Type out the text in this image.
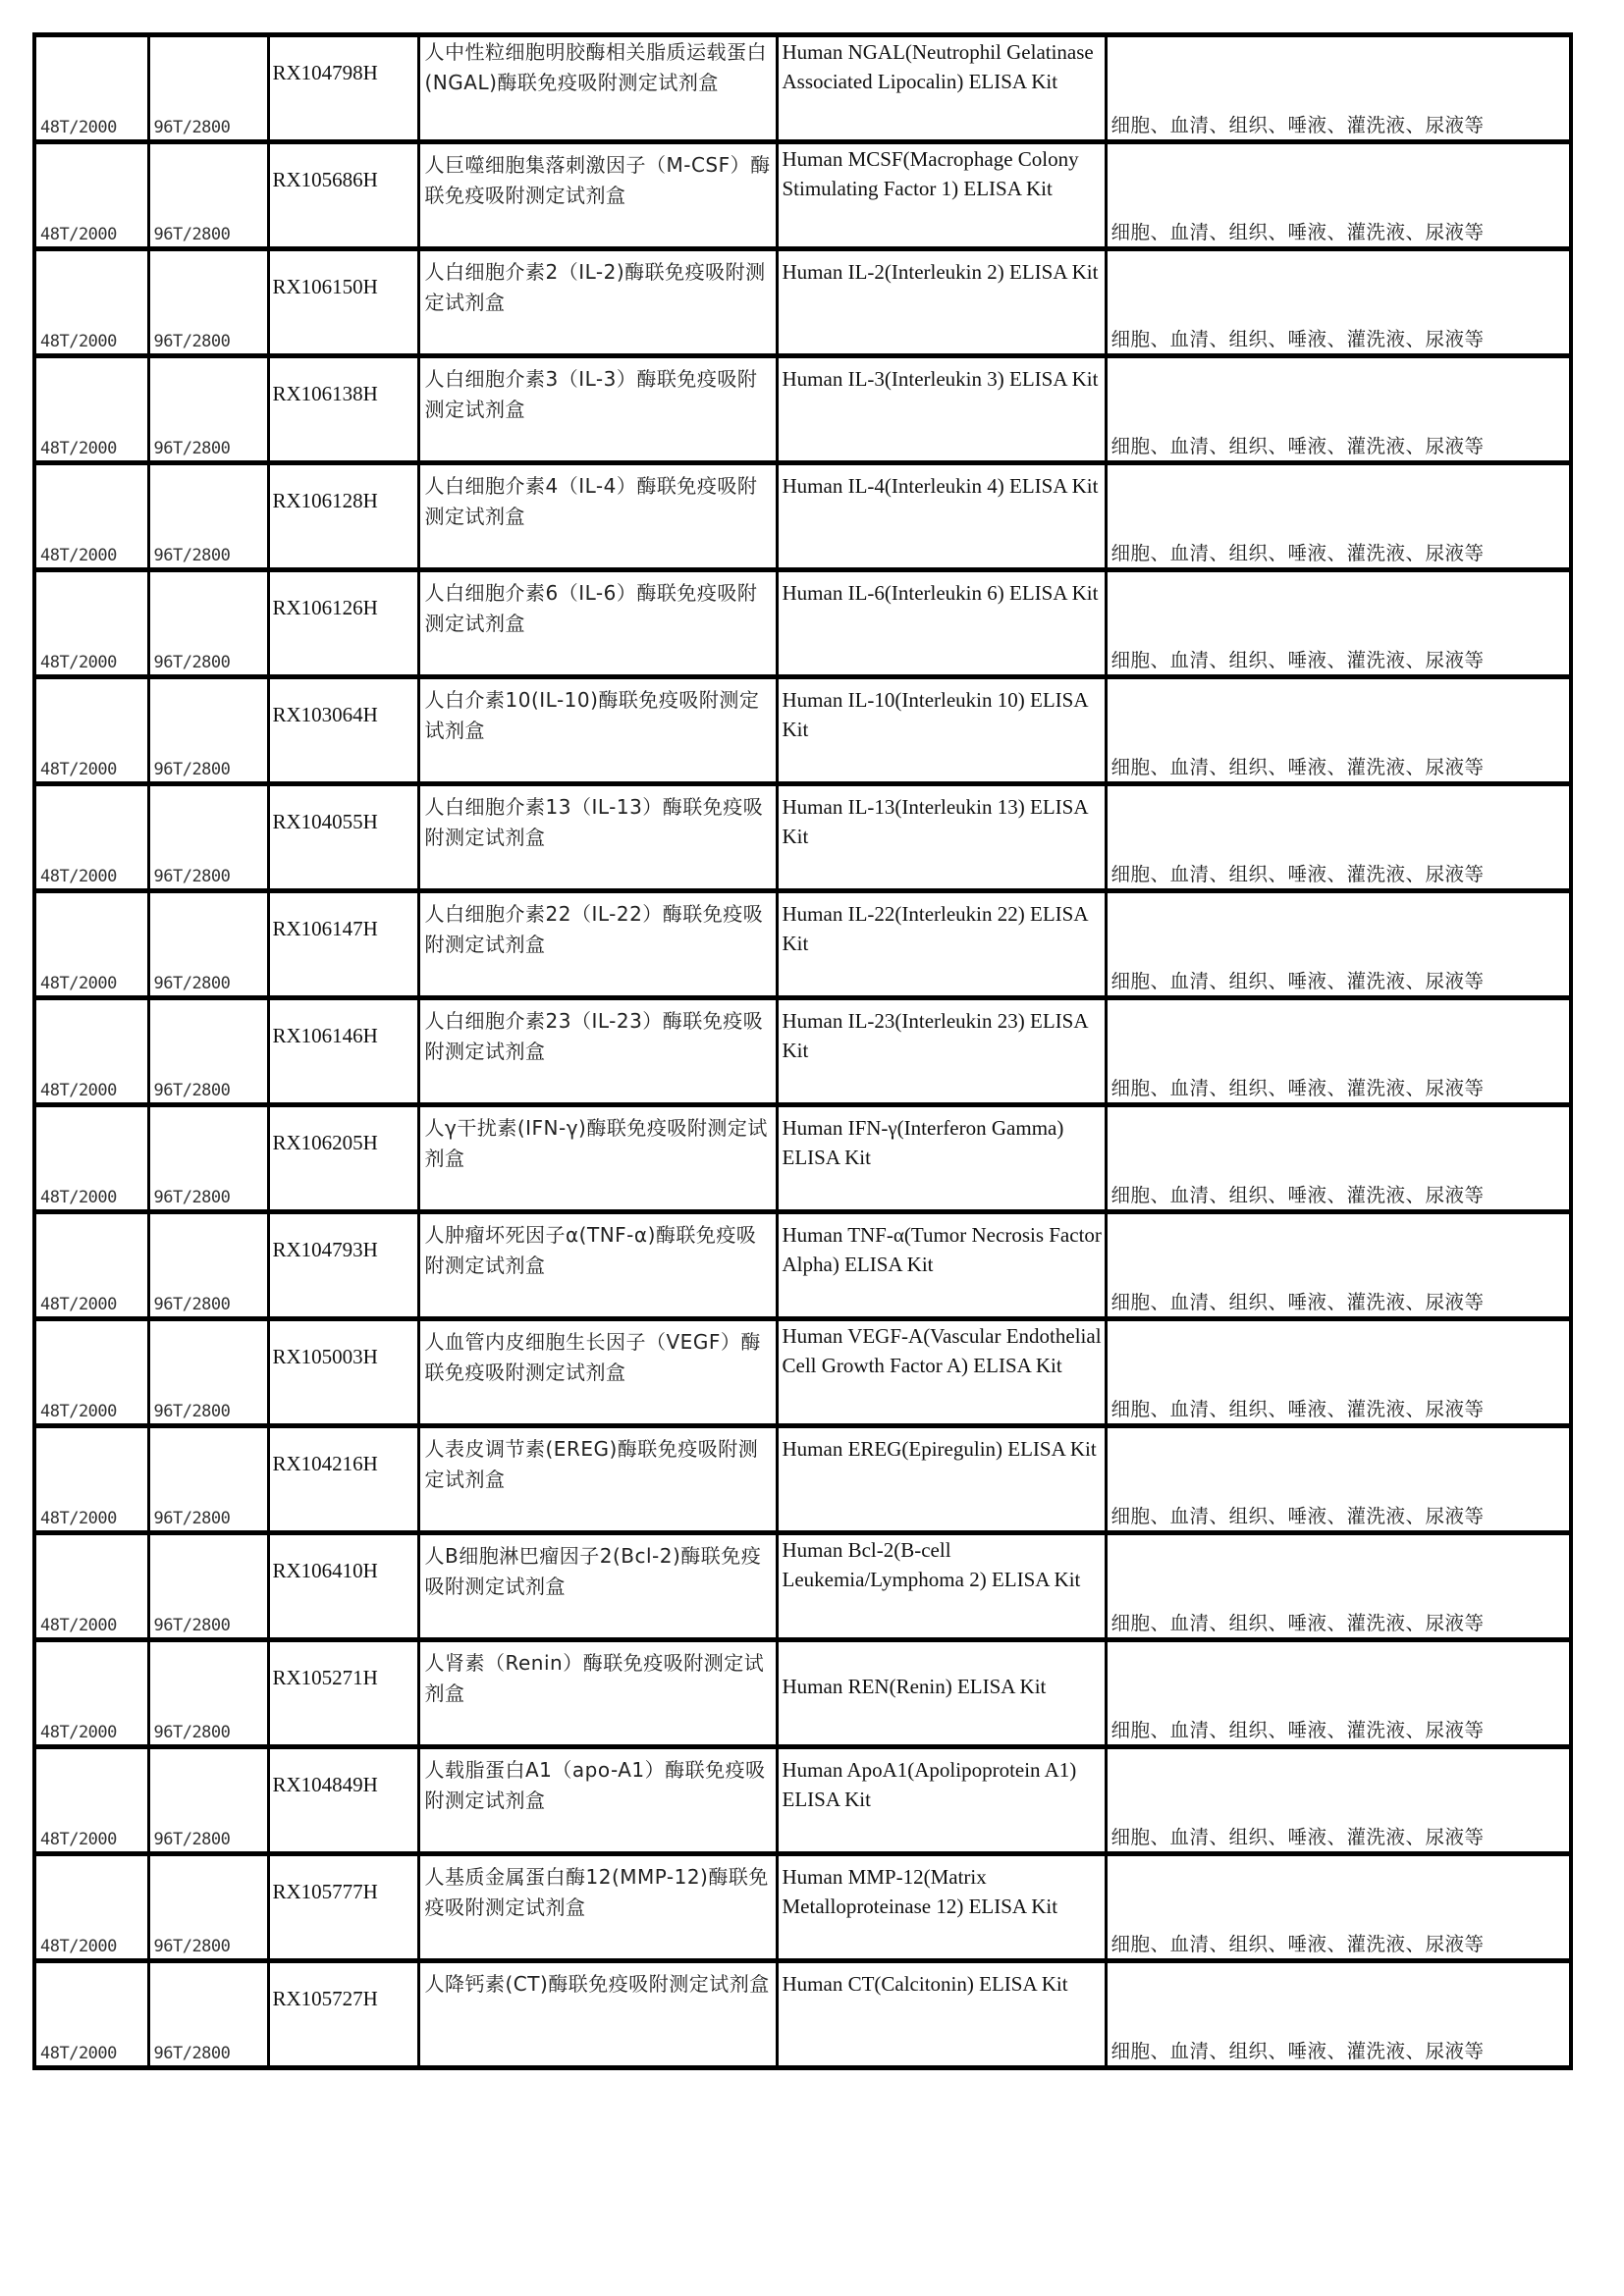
48T/2000	96T/2800	RX104798H	人中性粒细胞明胶酶相关脂质运载蛋白(NGAL)酶联免疫吸附测定试剂盒	Human NGAL(Neutrophil Gelatinase Associated Lipocalin) ELISA Kit	细胞、血清、组织、唾液、灌洗液、尿液等

48T/2000	96T/2800	RX105686H	人巨噬细胞集落刺激因子（M-CSF）酶联免疫吸附测定试剂盒	Human MCSF(Macrophage Colony Stimulating Factor 1) ELISA Kit	细胞、血清、组织、唾液、灌洗液、尿液等

48T/2000	96T/2800	RX106150H	人白细胞介素2（IL-2)酶联免疫吸附测定试剂盒	Human IL-2(Interleukin 2) ELISA Kit	细胞、血清、组织、唾液、灌洗液、尿液等

48T/2000	96T/2800	RX106138H	人白细胞介素3（IL-3）酶联免疫吸附测定试剂盒	Human IL-3(Interleukin 3) ELISA Kit	细胞、血清、组织、唾液、灌洗液、尿液等

48T/2000	96T/2800	RX106128H	人白细胞介素4（IL-4）酶联免疫吸附测定试剂盒	Human IL-4(Interleukin 4) ELISA Kit	细胞、血清、组织、唾液、灌洗液、尿液等

48T/2000	96T/2800	RX106126H	人白细胞介素6（IL-6）酶联免疫吸附测定试剂盒	Human IL-6(Interleukin 6) ELISA Kit	细胞、血清、组织、唾液、灌洗液、尿液等

48T/2000	96T/2800	RX103064H	人白介素10(IL-10)酶联免疫吸附测定试剂盒	Human IL-10(Interleukin 10) ELISA Kit	细胞、血清、组织、唾液、灌洗液、尿液等

48T/2000	96T/2800	RX104055H	人白细胞介素13（IL-13）酶联免疫吸附测定试剂盒	Human IL-13(Interleukin 13) ELISA Kit	细胞、血清、组织、唾液、灌洗液、尿液等

48T/2000	96T/2800	RX106147H	人白细胞介素22（IL-22）酶联免疫吸附测定试剂盒	Human IL-22(Interleukin 22) ELISA Kit	细胞、血清、组织、唾液、灌洗液、尿液等

48T/2000	96T/2800	RX106146H	人白细胞介素23（IL-23）酶联免疫吸附测定试剂盒	Human IL-23(Interleukin 23) ELISA Kit	细胞、血清、组织、唾液、灌洗液、尿液等

48T/2000	96T/2800	RX106205H	人γ干扰素(IFN-γ)酶联免疫吸附测定试剂盒	Human IFN-γ(Interferon Gamma) ELISA Kit	细胞、血清、组织、唾液、灌洗液、尿液等

48T/2000	96T/2800	RX104793H	人肿瘤坏死因子α(TNF-α)酶联免疫吸附测定试剂盒	Human TNF-α(Tumor Necrosis Factor Alpha) ELISA Kit	细胞、血清、组织、唾液、灌洗液、尿液等

48T/2000	96T/2800	RX105003H	人血管内皮细胞生长因子（VEGF）酶联免疫吸附测定试剂盒	Human VEGF-A(Vascular Endothelial Cell Growth Factor A) ELISA Kit	细胞、血清、组织、唾液、灌洗液、尿液等

48T/2000	96T/2800	RX104216H	人表皮调节素(EREG)酶联免疫吸附测定试剂盒	Human EREG(Epiregulin) ELISA Kit	细胞、血清、组织、唾液、灌洗液、尿液等

48T/2000	96T/2800	RX106410H	人B细胞淋巴瘤因子2(Bcl-2)酶联免疫吸附测定试剂盒	Human Bcl-2(B-cell Leukemia/Lymphoma 2) ELISA Kit	细胞、血清、组织、唾液、灌洗液、尿液等

48T/2000	96T/2800	RX105271H	人肾素（Renin）酶联免疫吸附测定试剂盒	Human REN(Renin) ELISA Kit	细胞、血清、组织、唾液、灌洗液、尿液等

48T/2000	96T/2800	RX104849H	人载脂蛋白A1（apo-A1）酶联免疫吸附测定试剂盒	Human ApoA1(Apolipoprotein A1) ELISA Kit	细胞、血清、组织、唾液、灌洗液、尿液等

48T/2000	96T/2800	RX105777H	人基质金属蛋白酶12(MMP-12)酶联免疫吸附测定试剂盒	Human MMP-12(Matrix Metalloproteinase 12) ELISA Kit	细胞、血清、组织、唾液、灌洗液、尿液等

48T/2000	96T/2800	RX105727H	人降钙素(CT)酶联免疫吸附测定试剂盒	Human CT(Calcitonin) ELISA Kit	细胞、血清、组织、唾液、灌洗液、尿液等
